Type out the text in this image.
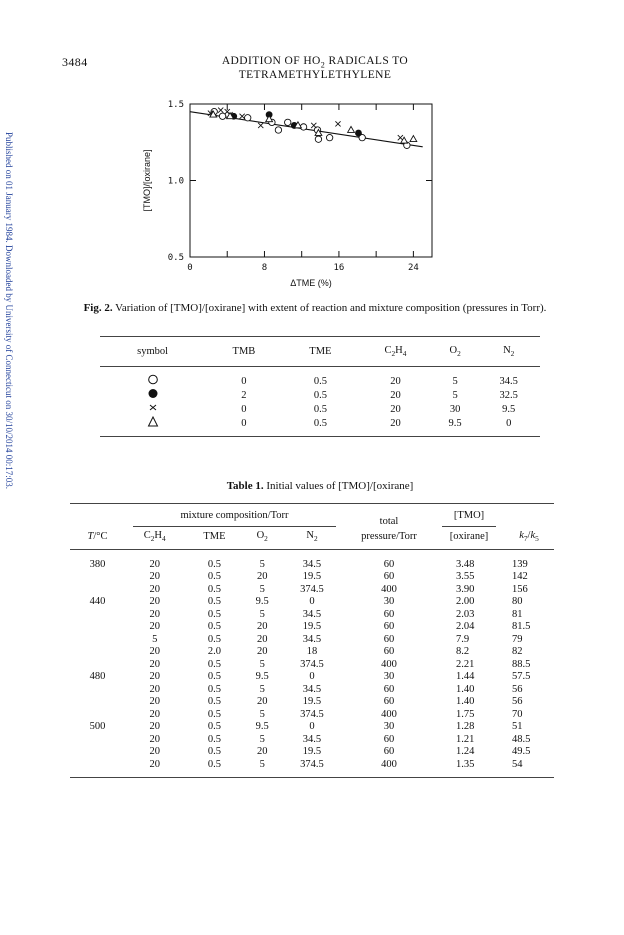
3484	ADDITION OF $HO_2$ RADICALS TO TETRAMETHYLETHYLENE
Published on 01 January 1984. Downloaded by University of Connecticut on 30/10/2014 00:17:03.	0	8	16	24
0.5
1.0
1.5
ΔTME (%)
[TMO]/[oxirane]
Fig. 2. Variation of [TMO]/[oxirane] with extent of reaction and mixture composition (pressures in Torr).
symbol	TMB	TME	$C_2H_4$	$O_2$	$N_2$
	0	0.5	20	5	34.5
	2	0.5	20	5	32.5
	0	0.5	20	30	9.5
	0	0.5	20	9.5	0
Table 1. Initial values of [TMO]/[oxirane]
	mixture composition/Torr				total	[TMO]

T/°C	$C_2H_4$	TME	$O_2$	$N_2$	pressure/Torr	[oxirane]	$k_7/k_5$
380	20	0.5	5	34.5	60	3.48	139
	20	0.5	20	19.5	60	3.55	142
	20	0.5	5	374.5	400	3.90	156
440	20	0.5	9.5	0	30	2.00	80
	20	0.5	5	34.5	60	2.03	81
	20	0.5	20	19.5	60	2.04	81.5
	5	0.5	20	34.5	60	7.9	79
	20	2.0	20	18	60	8.2	82
	20	0.5	5	374.5	400	2.21	88.5
480	20	0.5	9.5	0	30	1.44	57.5
	20	0.5	5	34.5	60	1.40	56
	20	0.5	20	19.5	60	1.40	56
	20	0.5	5	374.5	400	1.75	70
500	20	0.5	9.5	0	30	1.28	51
	20	0.5	5	34.5	60	1.21	48.5
	20	0.5	20	19.5	60	1.24	49.5
	20	0.5	5	374.5	400	1.35	54
